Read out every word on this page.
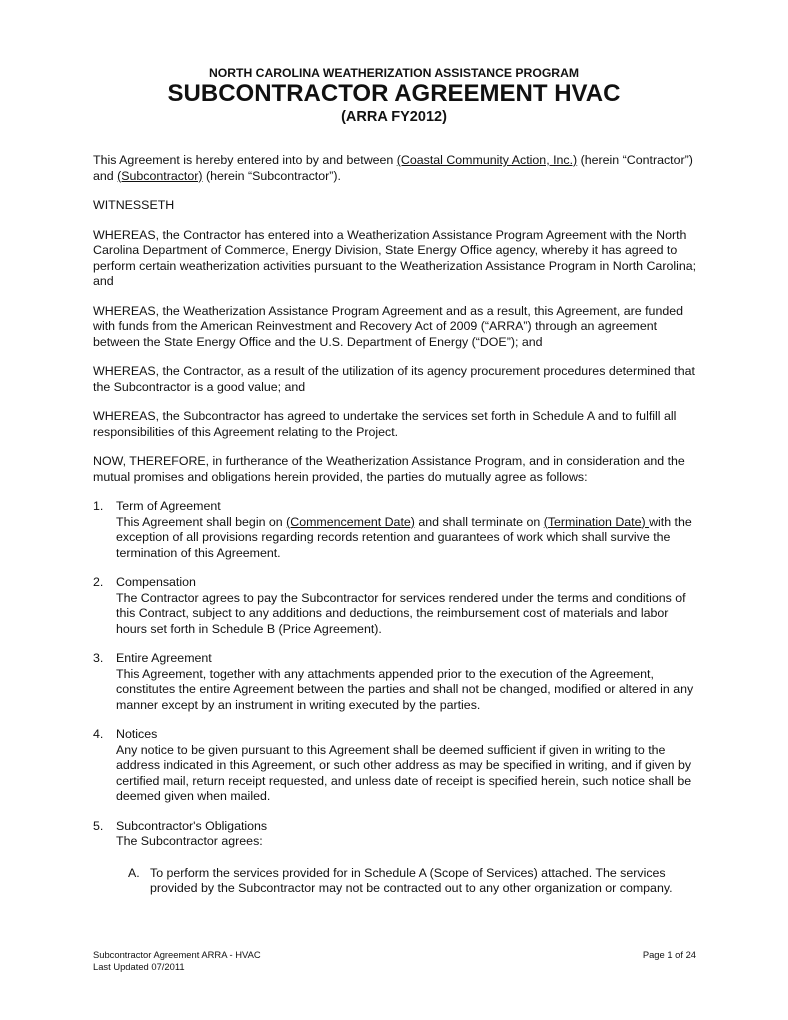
NORTH CAROLINA WEATHERIZATION ASSISTANCE PROGRAM
SUBCONTRACTOR AGREEMENT HVAC
(ARRA FY2012)

This Agreement is hereby entered into by and between (Coastal Community Action, Inc.) (herein “Contractor”) and (Subcontractor) (herein “Subcontractor”).

WITNESSETH

WHEREAS, the Contractor has entered into a Weatherization Assistance Program Agreement with the North Carolina Department of Commerce, Energy Division, State Energy Office agency, whereby it has agreed to perform certain weatherization activities pursuant to the Weatherization Assistance Program in North Carolina; and

WHEREAS, the Weatherization Assistance Program Agreement and as a result, this Agreement, are funded with funds from the American Reinvestment and Recovery Act of 2009 (“ARRA”) through an agreement between the State Energy Office and the U.S. Department of Energy (“DOE”); and

WHEREAS, the Contractor, as a result of the utilization of its agency procurement procedures determined that the Subcontractor is a good value; and

WHEREAS, the Subcontractor has agreed to undertake the services set forth in Schedule A and to fulfill all responsibilities of this Agreement relating to the Project.

NOW, THEREFORE, in furtherance of the Weatherization Assistance Program, and in consideration and the mutual promises and obligations herein provided, the parties do mutually agree as follows:

1. Term of Agreement
This Agreement shall begin on (Commencement Date) and shall terminate on (Termination Date) with the exception of all provisions regarding records retention and guarantees of work which shall survive the termination of this Agreement.
2. Compensation
The Contractor agrees to pay the Subcontractor for services rendered under the terms and conditions of this Contract, subject to any additions and deductions, the reimbursement cost of materials and labor hours set forth in Schedule B (Price Agreement).
3. Entire Agreement
This Agreement, together with any attachments appended prior to the execution of the Agreement, constitutes the entire Agreement between the parties and shall not be changed, modified or altered in any manner except by an instrument in writing executed by the parties.
4. Notices
Any notice to be given pursuant to this Agreement shall be deemed sufficient if given in writing to the address indicated in this Agreement, or such other address as may be specified in writing, and if given by certified mail, return receipt requested, and unless date of receipt is specified herein, such notice shall be deemed given when mailed.
5. Subcontractor's Obligations
The Subcontractor agrees:
A. To perform the services provided for in Schedule A (Scope of Services) attached. The services provided by the Subcontractor may not be contracted out to any other organization or company.
Subcontractor Agreement ARRA - HVAC
Last Updated 07/2011
Page 1 of 24
